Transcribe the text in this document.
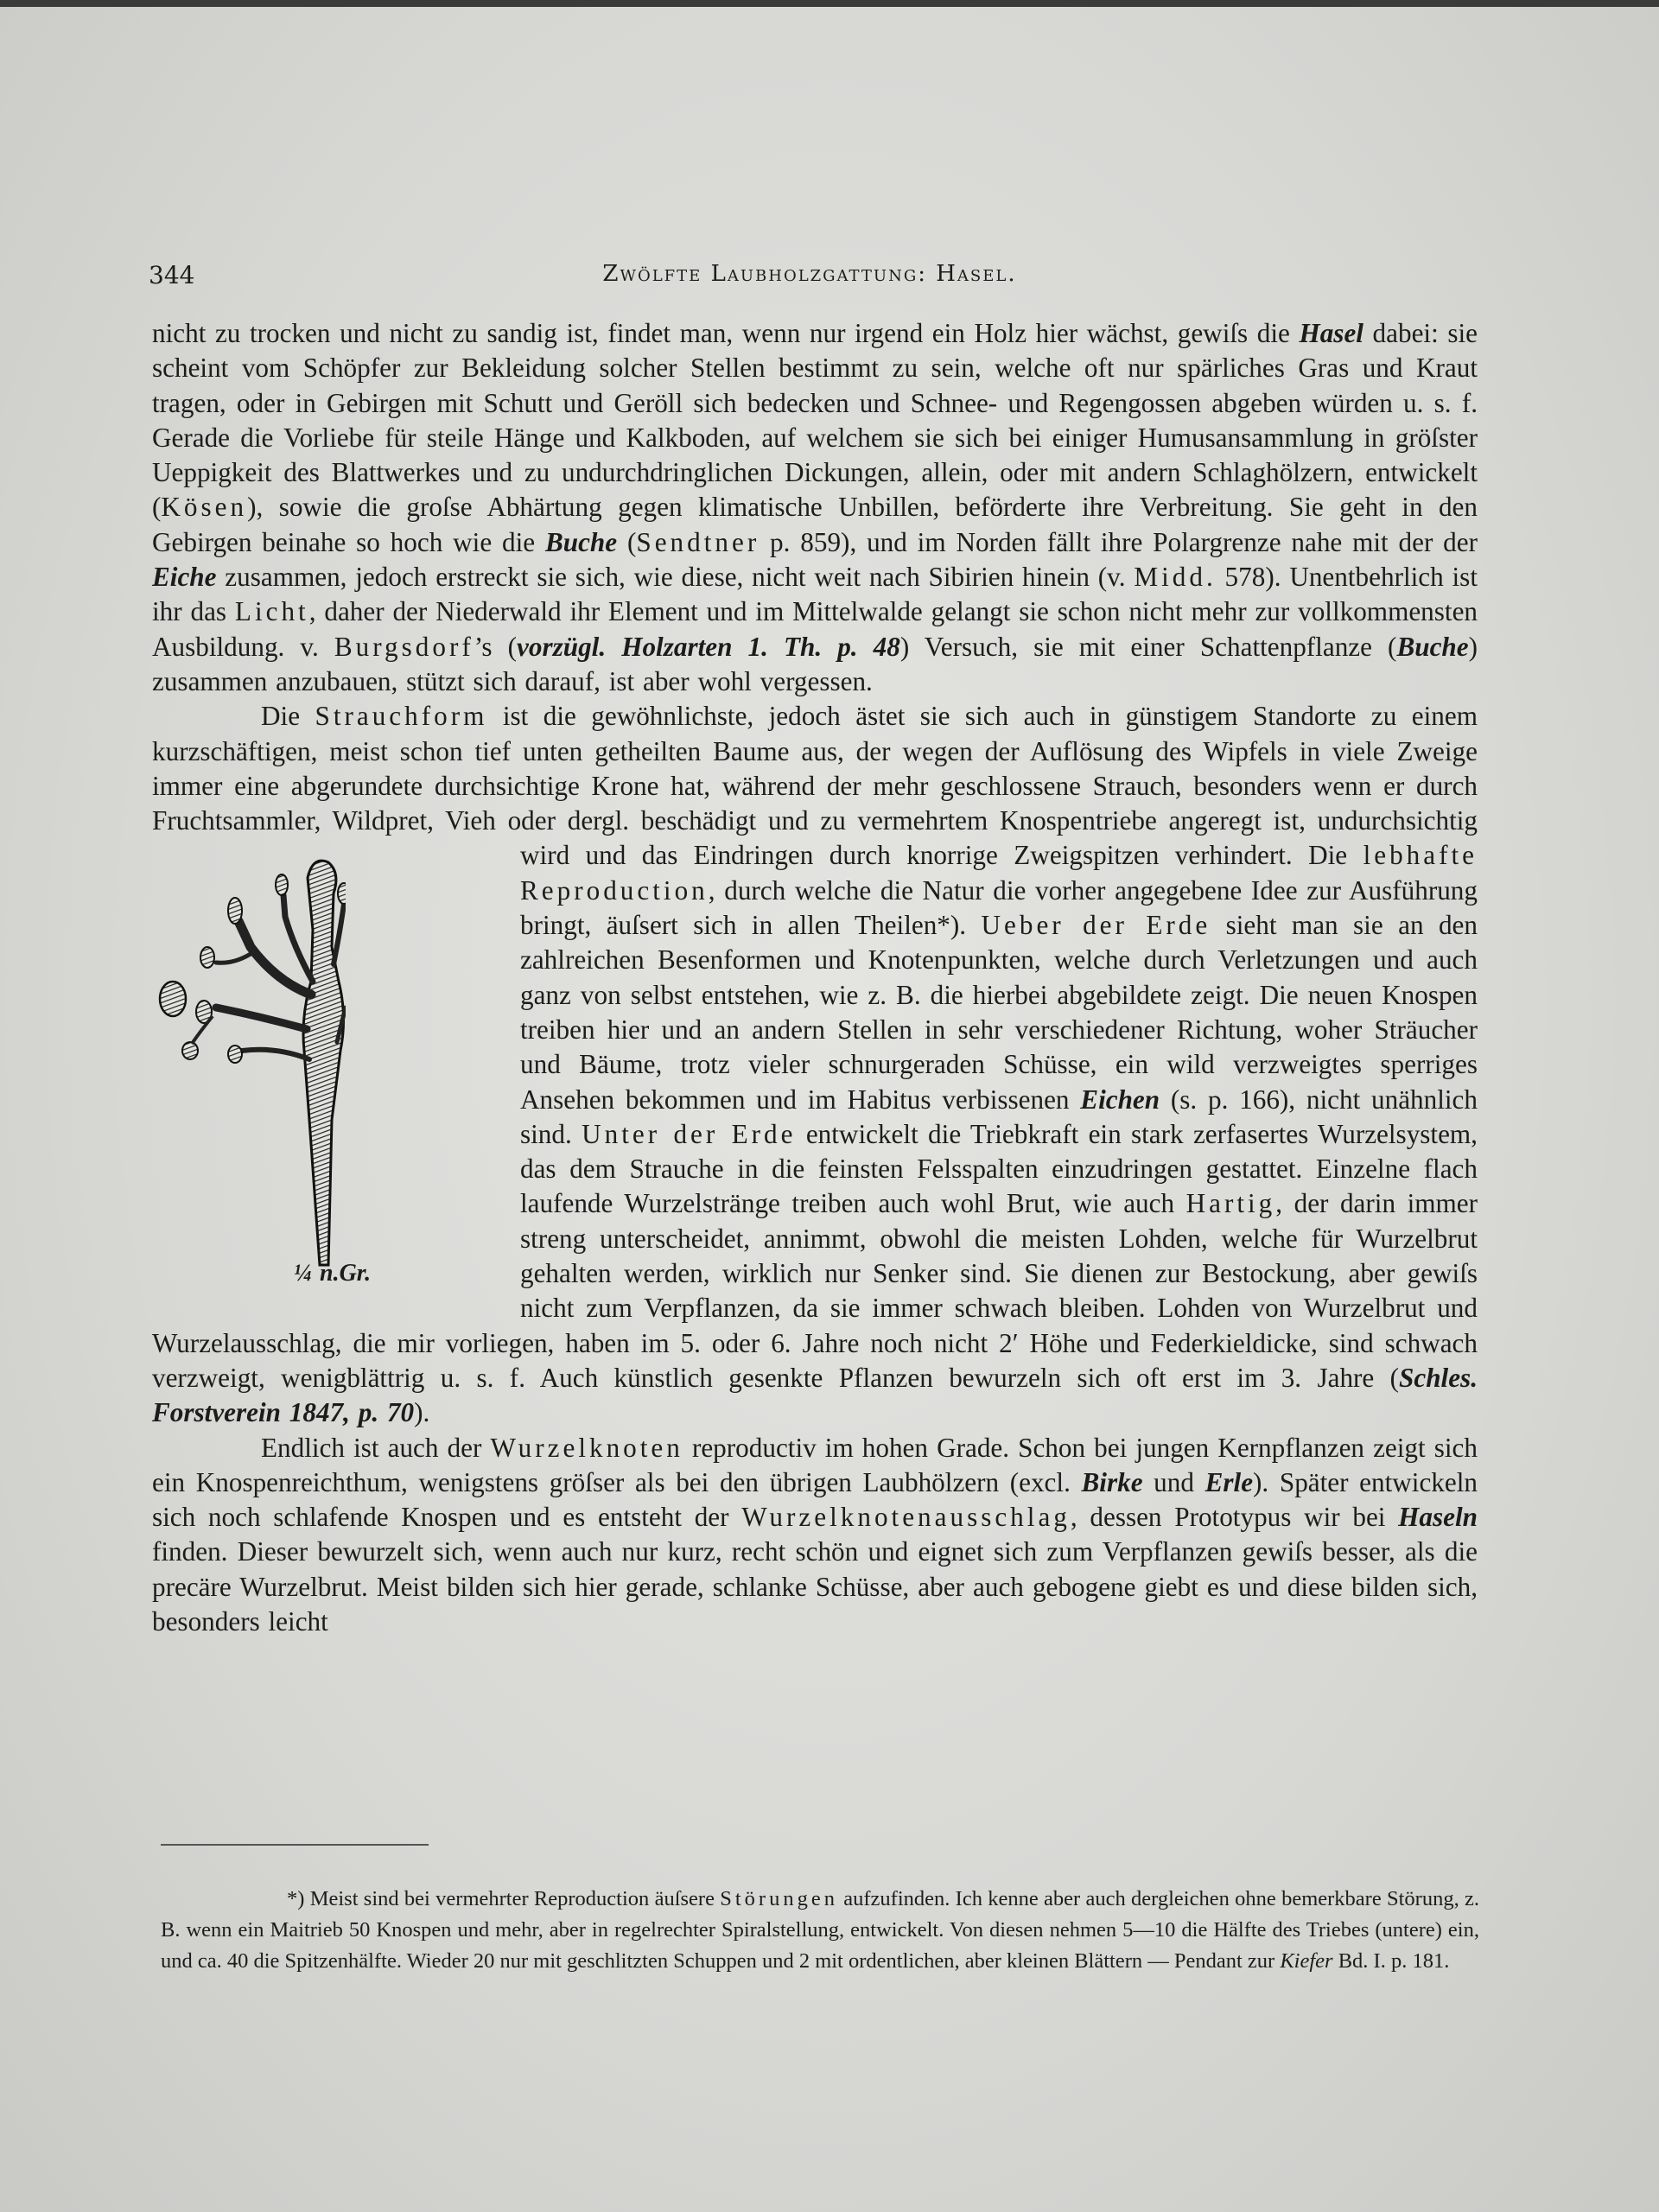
344	Zwölfte Laubholzgattung: Hasel.

nicht zu trocken und nicht zu sandig ist, findet man, wenn nur irgend ein Holz hier wächst, gewiſs die Hasel dabei: sie scheint vom Schöpfer zur Bekleidung solcher Stellen bestimmt zu sein, welche oft nur spärliches Gras und Kraut tragen, oder in Gebirgen mit Schutt und Geröll sich bedecken und Schnee- und Regengossen abgeben würden u. s. f. Gerade die Vorliebe für steile Hänge und Kalkboden, auf welchem sie sich bei einiger Humusansammlung in gröſster Ueppigkeit des Blattwerkes und zu undurchdringlichen Dickungen, allein, oder mit andern Schlaghölzern, entwickelt (Kösen), sowie die groſse Abhärtung gegen klimatische Unbillen, beförderte ihre Verbreitung. Sie geht in den Gebirgen beinahe so hoch wie die Buche (Sendtner p. 859), und im Norden fällt ihre Polargrenze nahe mit der der Eiche zusammen, jedoch erstreckt sie sich, wie diese, nicht weit nach Sibirien hinein (v. Midd. 578). Unentbehrlich ist ihr das Licht, daher der Niederwald ihr Element und im Mittelwalde gelangt sie schon nicht mehr zur vollkommensten Ausbildung. v. Burgsdorf’s (vorzügl. Holzarten 1. Th. p. 48) Versuch, sie mit einer Schattenpflanze (Buche) zusammen anzubauen, stützt sich darauf, ist aber wohl vergessen.

Die Strauchform ist die gewöhnlichste, jedoch ästet sie sich auch in günstigem Standorte zu einem kurzschäftigen, meist schon tief unten getheilten Baume aus, der wegen der Auflösung des Wipfels in viele Zweige immer eine abgerundete durchsichtige Krone hat, während der mehr geschlossene Strauch, besonders wenn er durch Fruchtsammler, Wildpret, Vieh oder dergl. beschädigt und zu vermehrtem Knospentriebe angeregt ist, undurchsichtig wird und das Eindringen durch knorrige Zweigspitzen verhindert. Die
¼ n.Gr.
lebhafte Reproduction, durch welche die Natur die vorher angegebene Idee zur Ausführung bringt, äuſsert sich in allen Theilen*). Ueber der Erde sieht man sie an den zahlreichen Besenformen und Knotenpunkten, welche durch Verletzungen und auch ganz von selbst entstehen, wie z. B. die hierbei abgebildete zeigt. Die neuen Knospen treiben hier und an andern Stellen in sehr verschiedener Richtung, woher Sträucher und Bäume, trotz vieler schnurgeraden Schüsse, ein wild verzweigtes sperriges Ansehen bekommen und im Habitus verbissenen Eichen (s. p. 166), nicht unähnlich sind. Unter der Erde entwickelt die Triebkraft ein stark zerfasertes Wurzelsystem, das dem Strauche in die feinsten Felsspalten einzudringen gestattet. Einzelne flach laufende Wurzelstränge treiben auch wohl Brut, wie auch Hartig, der darin immer streng unterscheidet, annimmt, obwohl die meisten Lohden, welche für Wurzelbrut gehalten werden, wirklich nur Senker sind. Sie dienen zur Bestockung, aber gewiſs nicht zum Verpflanzen, da sie immer schwach bleiben. Lohden von Wurzelbrut und Wurzelausschlag, die mir vorliegen, haben im 5. oder 6. Jahre noch nicht 2′ Höhe und Federkieldicke, sind schwach verzweigt, wenigblättrig u. s. f. Auch künstlich gesenkte Pflanzen bewurzeln sich oft erst im 3. Jahre (Schles. Forstverein 1847, p. 70).

Endlich ist auch der Wurzelknoten reproductiv im hohen Grade. Schon bei jungen Kernpflanzen zeigt sich ein Knospenreichthum, wenigstens gröſser als bei den übrigen Laubhölzern (excl. Birke und Erle). Später entwickeln sich noch schlafende Knospen und es entsteht der Wurzelknotenausschlag, dessen Prototypus wir bei Haseln finden. Dieser bewurzelt sich, wenn auch nur kurz, recht schön und eignet sich zum Verpflanzen gewiſs besser, als die precäre Wurzelbrut. Meist bilden sich hier gerade, schlanke Schüsse, aber auch gebogene giebt es und diese bilden sich, besonders leicht

*) Meist sind bei vermehrter Reproduction äuſsere Störungen aufzufinden. Ich kenne aber auch dergleichen ohne bemerkbare Störung, z. B. wenn ein Maitrieb 50 Knospen und mehr, aber in regelrechter Spiralstellung, entwickelt. Von diesen nehmen 5—10 die Hälfte des Triebes (untere) ein, und ca. 40 die Spitzenhälfte. Wieder 20 nur mit geschlitzten Schuppen und 2 mit ordentlichen, aber kleinen Blättern — Pendant zur Kiefer Bd. I. p. 181.
